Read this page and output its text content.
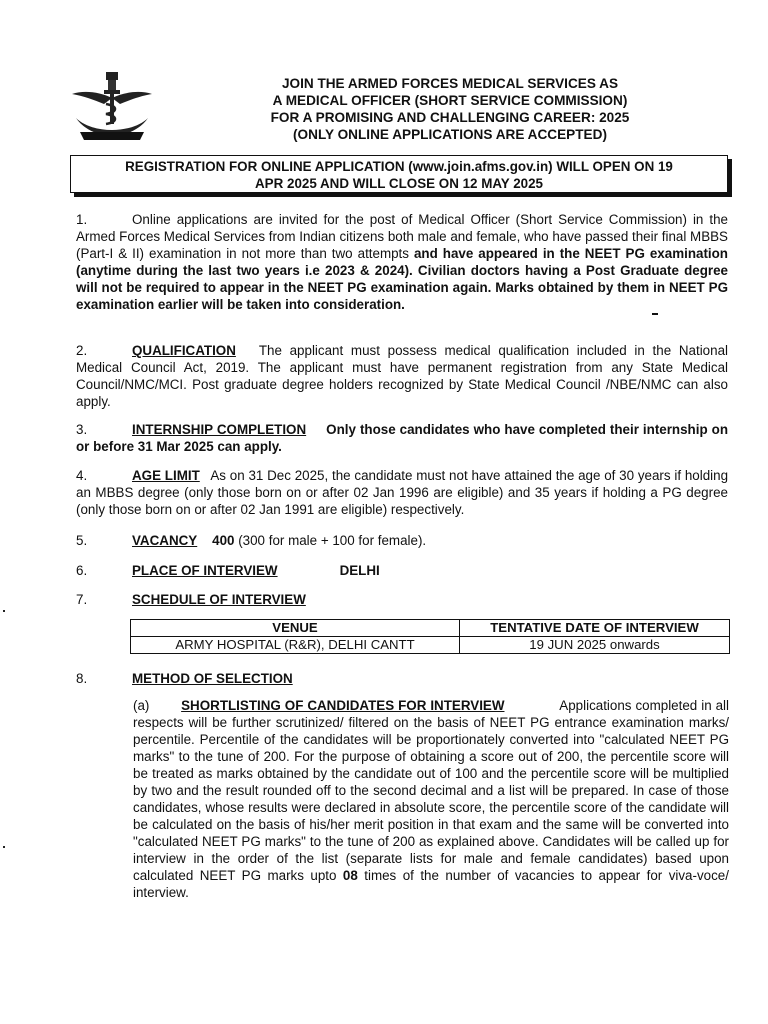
JOIN THE ARMED FORCES MEDICAL SERVICES AS
A MEDICAL OFFICER (SHORT SERVICE COMMISSION)
FOR A PROMISING AND CHALLENGING CAREER: 2025
(ONLY ONLINE APPLICATIONS ARE ACCEPTED)
REGISTRATION FOR ONLINE APPLICATION (www.join.afms.gov.in) WILL OPEN ON 19
APR 2025 AND WILL CLOSE ON 12 MAY 2025

1.	Online applications are invited for the post of Medical Officer (Short Service Commission) in the Armed Forces Medical Services from Indian citizens both male and female, who have passed their final MBBS (Part-I & II) examination in not more than two attempts and have appeared in the NEET PG examination (anytime during the last two years i.e 2023 & 2024). Civilian doctors having a Post Graduate degree will not be required to appear in the NEET PG examination again. Marks obtained by them in NEET PG examination earlier will be taken into consideration.

2.	QUALIFICATION The applicant must possess medical qualification included in the National Medical Council Act, 2019. The applicant must have permanent registration from any State Medical Council/NMC/MCI. Post graduate degree holders recognized by State Medical Council /NBE/NMC can also apply.

3.	INTERNSHIP COMPLETION Only those candidates who have completed their internship on or before 31 Mar 2025 can apply.

4.	AGE LIMIT As on 31 Dec 2025, the candidate must not have attained the age of 30 years if holding an MBBS degree (only those born on or after 02 Jan 1996 are eligible) and 35 years if holding a PG degree (only those born on or after 02 Jan 1991 are eligible) respectively.

5.	VACANCY 400 (300 for male + 100 for female).
6.	PLACE OF INTERVIEW	DELHI
7.	SCHEDULE OF INTERVIEW
VENUE	TENTATIVE DATE OF INTERVIEW
ARMY HOSPITAL (R&R), DELHI CANTT	19 JUN 2025 onwards
8.	METHOD OF SELECTION
(a) SHORTLISTING OF CANDIDATES FOR INTERVIEW	Applications completed in all respects will be further scrutinized/ filtered on the basis of NEET PG entrance examination marks/ percentile. Percentile of the candidates will be proportionately converted into "calculated NEET PG marks" to the tune of 200. For the purpose of obtaining a score out of 200, the percentile score will be treated as marks obtained by the candidate out of 100 and the percentile score will be multiplied by two and the result rounded off to the second decimal and a list will be prepared. In case of those candidates, whose results were declared in absolute score, the percentile score of the candidate will be calculated on the basis of his/her merit position in that exam and the same will be converted into "calculated NEET PG marks" to the tune of 200 as explained above. Candidates will be called up for interview in the order of the list (separate lists for male and female candidates) based upon calculated NEET PG marks upto 08 times of the number of vacancies to appear for viva-voce/ interview.
